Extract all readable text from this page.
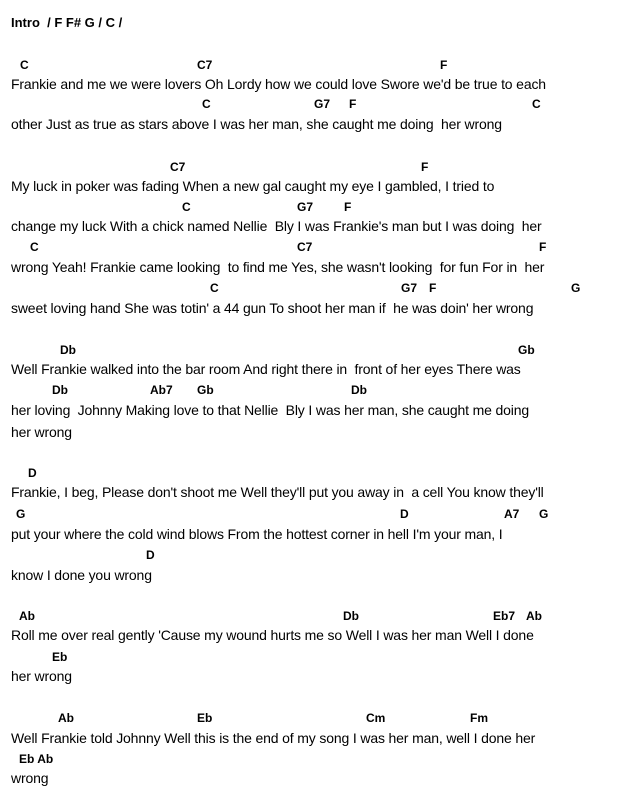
Intro  / F F# G / C /
C	C7	F
Frankie and me we were lovers Oh Lordy how we could love Swore we'd be true to each
C	G7 F	C
other Just as true as stars above I was her man, she caught me doing  her wrong
C7	F
My luck in poker was fading When a new gal caught my eye I gambled, I tried to
C	G7	F
change my luck With a chick named Nellie  Bly I was Frankie's man but I was doing  her
C	C7	F
wrong Yeah! Frankie came looking  to find me Yes, she wasn't looking  for fun For in  her
C	G7 F	G
sweet loving hand She was totin' a 44 gun To shoot her man if  he was doin' her wrong
Db	Gb
Well Frankie walked into the bar room And right there in  front of her eyes There was
Db	Ab7 Gb	Db
her loving  Johnny Making love to that Nellie  Bly I was her man, she caught me doing
her wrong
D
Frankie, I beg, Please don't shoot me Well they'll put you away in  a cell You know they'll
G	D	A7 G
put your where the cold wind blows From the hottest corner in hell I'm your man, I
D
know I done you wrong
Ab	Db	Eb7 Ab
Roll me over real gently 'Cause my wound hurts me so Well I was her man Well I done
Eb
her wrong
Ab	Eb	Cm	Fm
Well Frankie told Johnny Well this is the end of my song I was her man, well I done her
Eb Ab
wrong
